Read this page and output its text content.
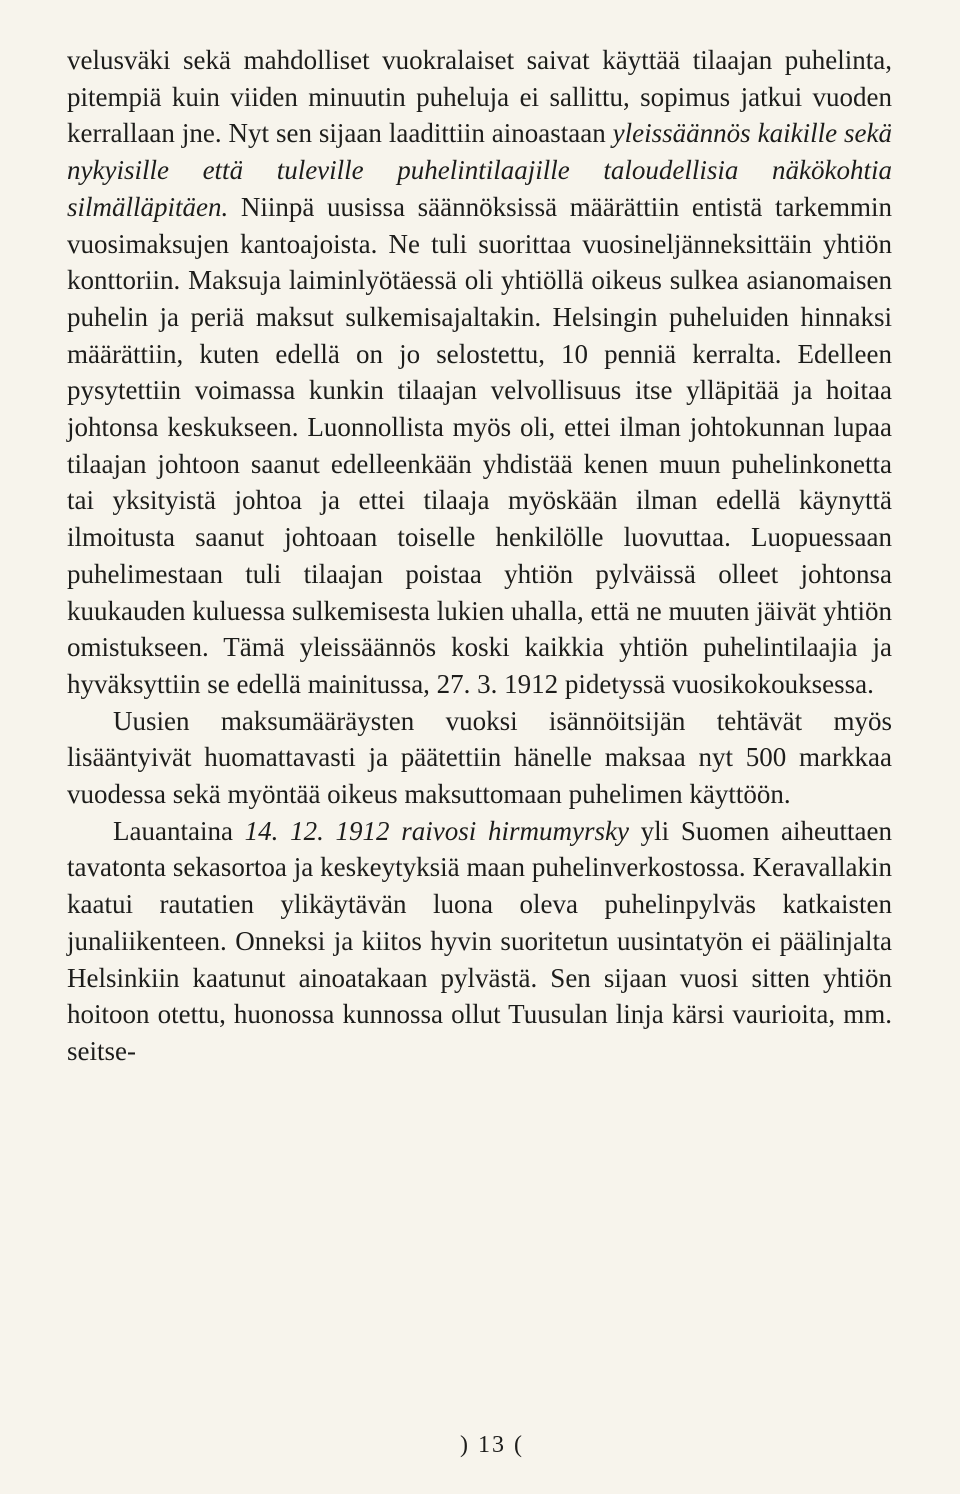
velusväki sekä mahdolliset vuokralaiset saivat käyttää tilaajan puhelinta, pitempiä kuin viiden minuutin puheluja ei sallittu, sopimus jatkui vuoden kerrallaan jne. Nyt sen sijaan laadittiin ainoastaan yleissäännös kaikille sekä nykyisille että tuleville puhelintilaajille taloudellisia näkökohtia silmälläpitäen. Niinpä uusissa säännöksissä määrättiin entistä tarkemmin vuosimaksujen kantoajoista. Ne tuli suorittaa vuosineljänneksittäin yhtiön konttoriin. Maksuja laiminlyötäessä oli yhtiöllä oikeus sulkea asianomaisen puhelin ja periä maksut sulkemisajaltakin. Helsingin puheluiden hinnaksi määrättiin, kuten edellä on jo selostettu, 10 penniä kerralta. Edelleen pysytettiin voimassa kunkin tilaajan velvollisuus itse ylläpitää ja hoitaa johtonsa keskukseen. Luonnollista myös oli, ettei ilman johtokunnan lupaa tilaajan johtoon saanut edelleenkään yhdistää kenen muun puhelinkonetta tai yksityistä johtoa ja ettei tilaaja myöskään ilman edellä käynyttä ilmoitusta saanut johtoaan toiselle henkilölle luovuttaa. Luopuessaan puhelimestaan tuli tilaajan poistaa yhtiön pylväissä olleet johtonsa kuukauden kuluessa sulkemisesta lukien uhalla, että ne muuten jäivät yhtiön omistukseen. Tämä yleissäännös koski kaikkia yhtiön puhelintilaajia ja hyväksyttiin se edellä mainitussa, 27. 3. 1912 pidetyssä vuosikokouksessa.

Uusien maksumääräysten vuoksi isännöitsijän tehtävät myös lisääntyivät huomattavasti ja päätettiin hänelle maksaa nyt 500 markkaa vuodessa sekä myöntää oikeus maksuttomaan puhelimen käyttöön.

Lauantaina 14. 12. 1912 raivosi hirmumyrsky yli Suomen aiheuttaen tavatonta sekasortoa ja keskeytyksiä maan puhelinverkostossa. Keravallakin kaatui rautatien ylikäytävän luona oleva puhelinpylväs katkaisten junaliikenteen. Onneksi ja kiitos hyvin suoritetun uusintatyön ei päälinjalta Helsinkiin kaatunut ainoatakaan pylvästä. Sen sijaan vuosi sitten yhtiön hoitoon otettu, huonossa kunnossa ollut Tuusulan linja kärsi vaurioita, mm. seitse-

) 13 (
